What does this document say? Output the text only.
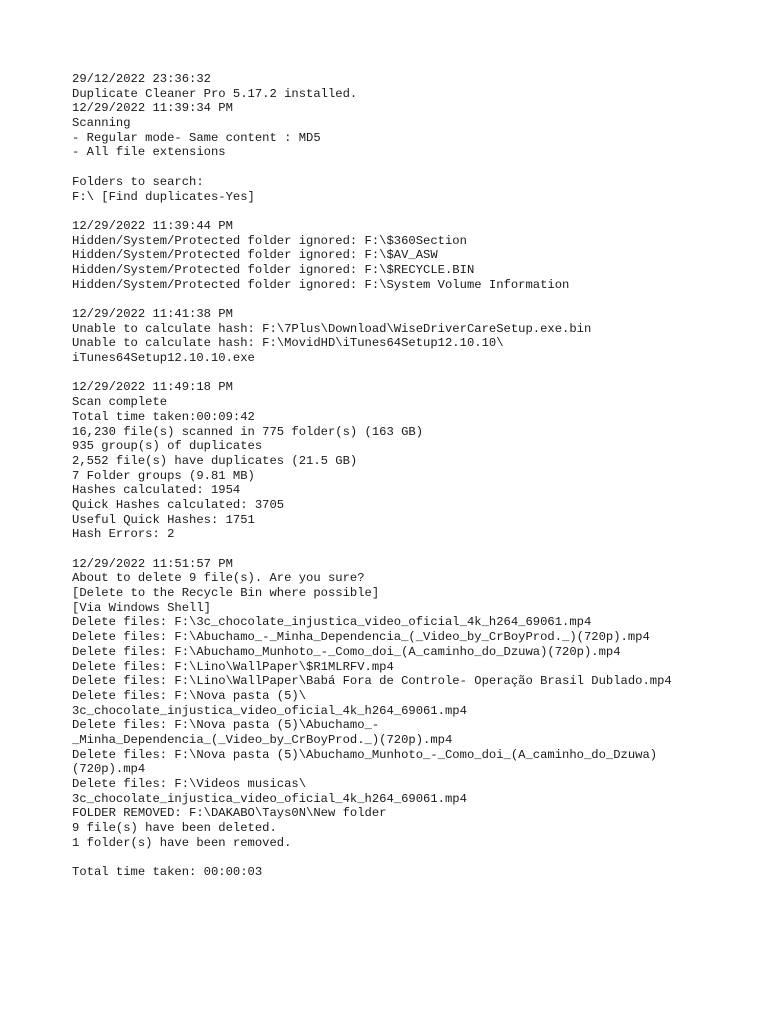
29/12/2022 23:36:32
Duplicate Cleaner Pro 5.17.2 installed.
12/29/2022 11:39:34 PM
Scanning
- Regular mode- Same content : MD5
- All file extensions
Folders to search:
F:\ [Find duplicates-Yes]
12/29/2022 11:39:44 PM
Hidden/System/Protected folder ignored: F:\$360Section
Hidden/System/Protected folder ignored: F:\$AV_ASW
Hidden/System/Protected folder ignored: F:\$RECYCLE.BIN
Hidden/System/Protected folder ignored: F:\System Volume Information
12/29/2022 11:41:38 PM
Unable to calculate hash: F:\7Plus\Download\WiseDriverCareSetup.exe.bin
Unable to calculate hash: F:\MovidHD\iTunes64Setup12.10.10\
iTunes64Setup12.10.10.exe
12/29/2022 11:49:18 PM
Scan complete
Total time taken:00:09:42
16,230 file(s) scanned in 775 folder(s) (163 GB)
935 group(s) of duplicates
2,552 file(s) have duplicates (21.5 GB)
7 Folder groups (9.81 MB)
Hashes calculated: 1954
Quick Hashes calculated: 3705
Useful Quick Hashes: 1751
Hash Errors: 2
12/29/2022 11:51:57 PM
About to delete 9 file(s). Are you sure?
[Delete to the Recycle Bin where possible]
[Via Windows Shell]
Delete files: F:\3c_chocolate_injustica_video_oficial_4k_h264_69061.mp4
Delete files: F:\Abuchamo_-_Minha_Dependencia_(_Video_by_CrBoyProd._)(720p).mp4
Delete files: F:\Abuchamo_Munhoto_-_Como_doi_(A_caminho_do_Dzuwa)(720p).mp4
Delete files: F:\Lino\WallPaper\$R1MLRFV.mp4
Delete files: F:\Lino\WallPaper\Babá Fora de Controle- Operação Brasil Dublado.mp4
Delete files: F:\Nova pasta (5)\
3c_chocolate_injustica_video_oficial_4k_h264_69061.mp4
Delete files: F:\Nova pasta (5)\Abuchamo_-
_Minha_Dependencia_(_Video_by_CrBoyProd._)(720p).mp4
Delete files: F:\Nova pasta (5)\Abuchamo_Munhoto_-_Como_doi_(A_caminho_do_Dzuwa)
(720p).mp4
Delete files: F:\Videos musicas\
3c_chocolate_injustica_video_oficial_4k_h264_69061.mp4
FOLDER REMOVED: F:\DAKABO\Tays0N\New folder
9 file(s) have been deleted.
1 folder(s) have been removed.
Total time taken: 00:00:03
